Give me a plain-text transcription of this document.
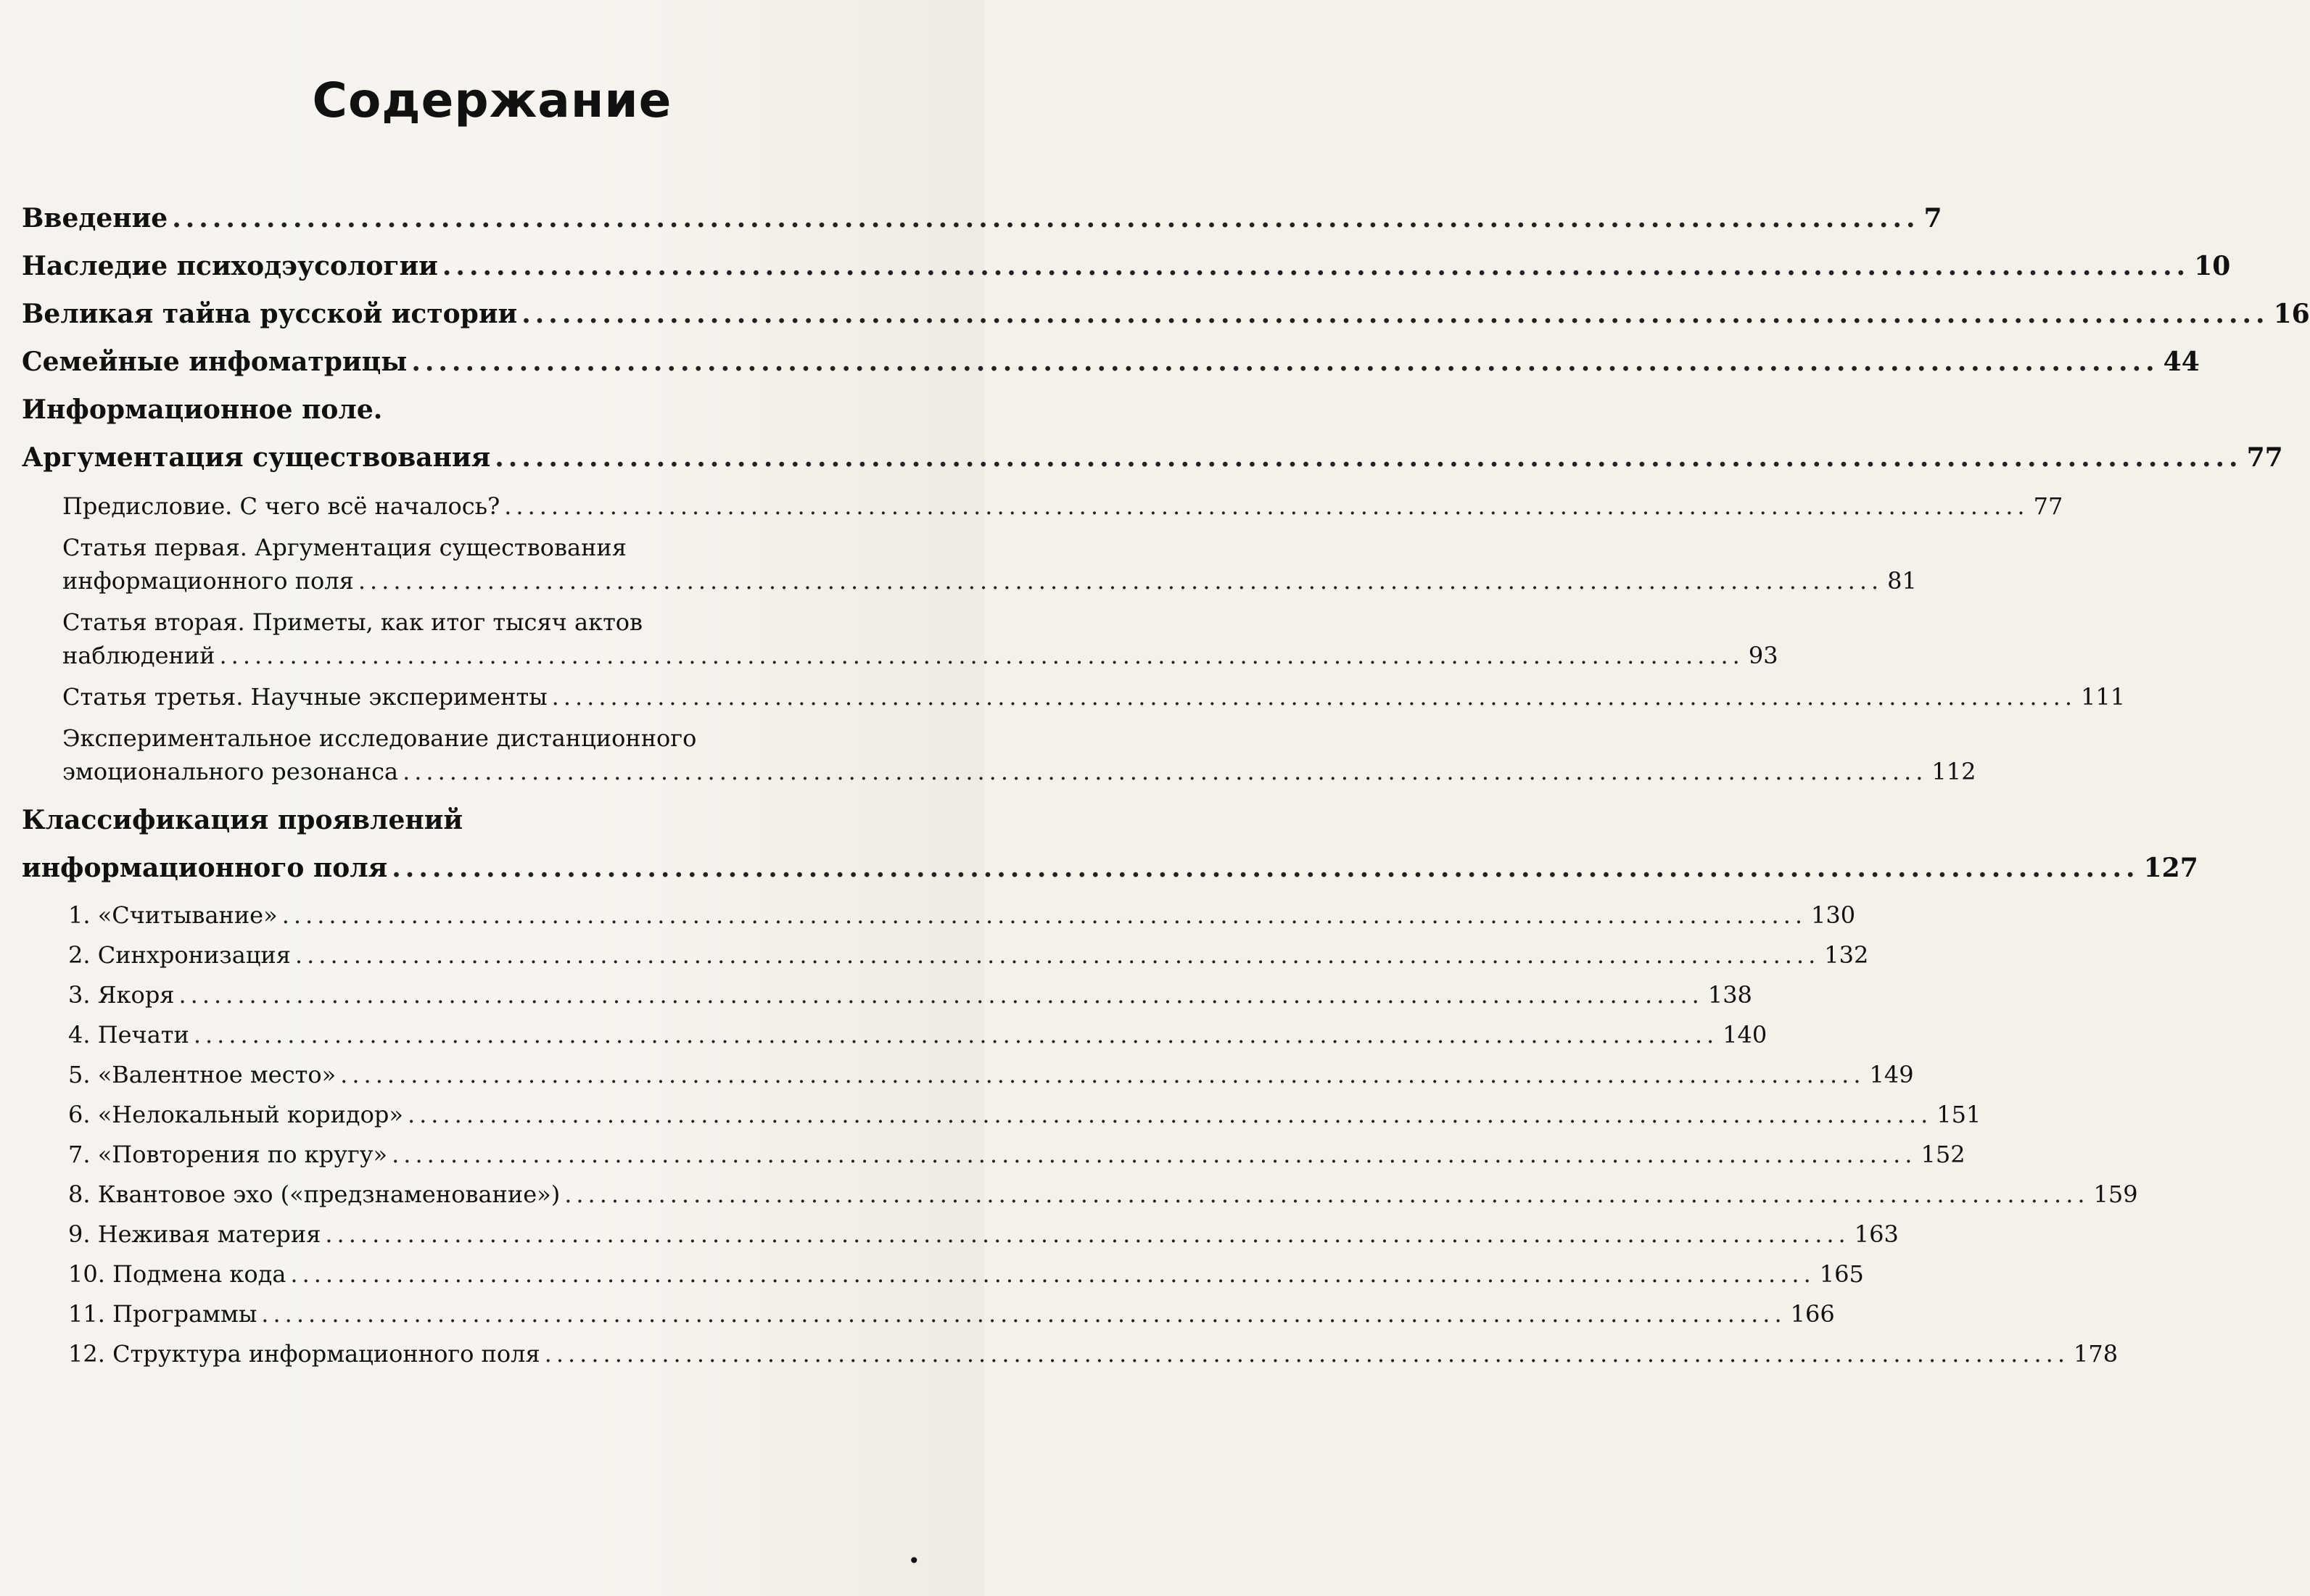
Содержание
Введение .................................................................................................................................. 7
Наследие психодэусологии .................................................................................................................................. 10
Великая тайна русской истории .................................................................................................................................. 16
Семейные инфоматрицы .................................................................................................................................. 44
Информационное поле.
Аргументация существования .................................................................................................................................. 77
Предисловие. С чего всё началось? .................................................................................................................................. 77
Статья первая. Аргументация существования
информационного поля .................................................................................................................................. 81
Статья вторая. Приметы, как итог тысяч актов
наблюдений .................................................................................................................................. 93
Статья третья. Научные эксперименты .................................................................................................................................. 111
Экспериментальное исследование дистанционного
эмоционального резонанса .................................................................................................................................. 112
Классификация проявлений
информационного поля .................................................................................................................................. 127
1. «Считывание» .................................................................................................................................. 130
2. Синхронизация .................................................................................................................................. 132
3. Якоря .................................................................................................................................. 138
4. Печати .................................................................................................................................. 140
5. «Валентное место» .................................................................................................................................. 149
6. «Нелокальный коридор» .................................................................................................................................. 151
7. «Повторения по кругу» .................................................................................................................................. 152
8. Квантовое эхо («предзнаменование») .................................................................................................................................. 159
9. Неживая материя .................................................................................................................................. 163
10. Подмена кода .................................................................................................................................. 165
11. Программы .................................................................................................................................. 166
12. Структура информационного поля .................................................................................................................................. 178
•
